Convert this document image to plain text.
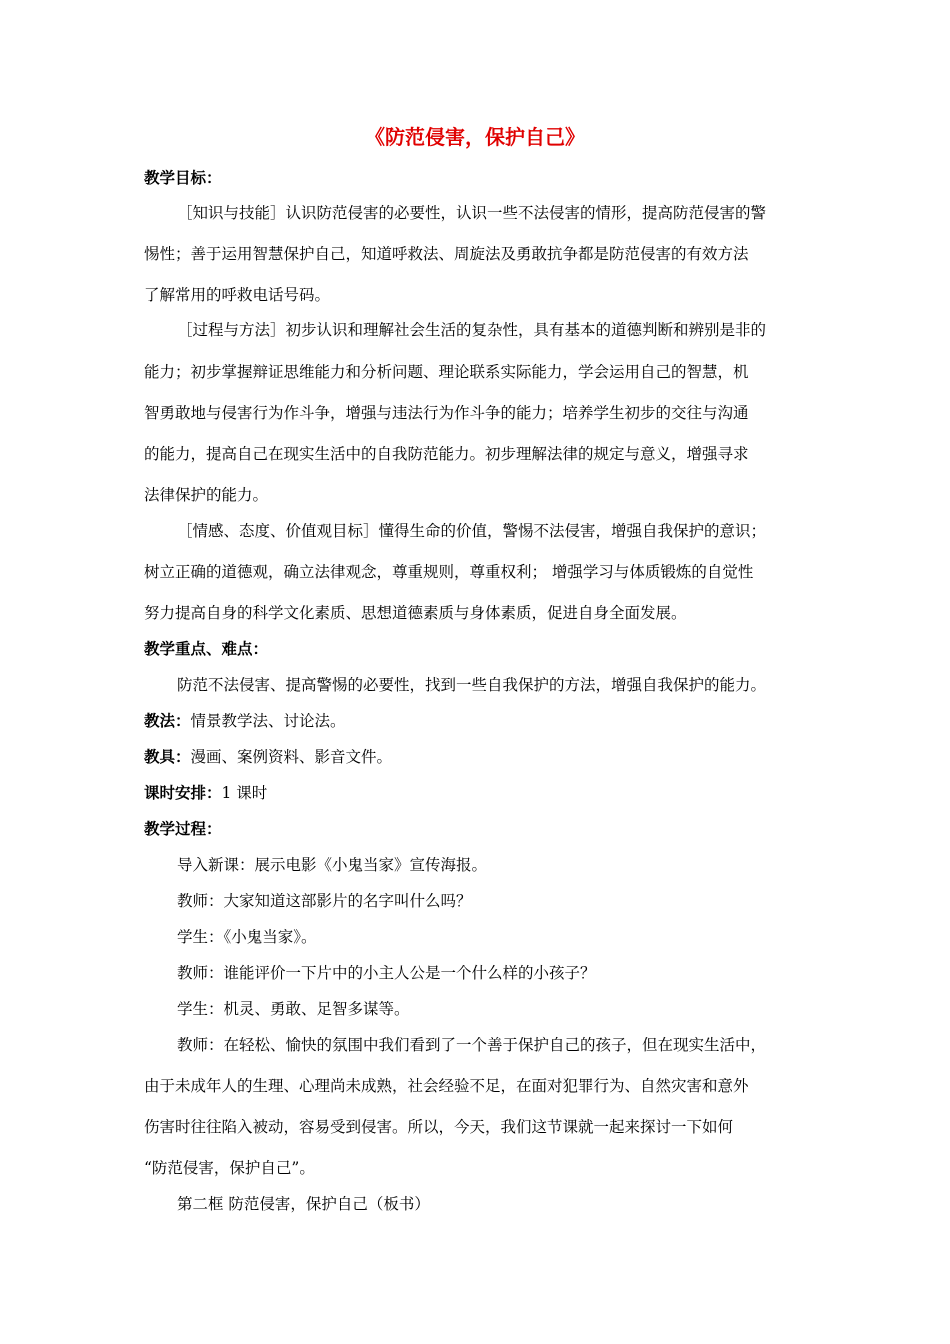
《防范侵害，保护自己》
教学目标：
［知识与技能］认识防范侵害的必要性，认识一些不法侵害的情形，提高防范侵害的警
惕性；善于运用智慧保护自己，知道呼救法、周旋法及勇敢抗争都是防范侵害的有效方法
了解常用的呼救电话号码。
［过程与方法］初步认识和理解社会生活的复杂性，具有基本的道德判断和辨别是非的
能力；初步掌握辩证思维能力和分析问题、理论联系实际能力，学会运用自己的智慧，机
智勇敢地与侵害行为作斗争，增强与违法行为作斗争的能力；培养学生初步的交往与沟通
的能力，提高自己在现实生活中的自我防范能力。初步理解法律的规定与意义，增强寻求
法律保护的能力。
［情感、态度、价值观目标］懂得生命的价值，警惕不法侵害，增强自我保护的意识；
树立正确的道德观，确立法律观念，尊重规则，尊重权利； 增强学习与体质锻炼的自觉性
努力提高自身的科学文化素质、思想道德素质与身体素质，促进自身全面发展。
教学重点、难点：
防范不法侵害、提高警惕的必要性，找到一些自我保护的方法，增强自我保护的能力。
教法：情景教学法、讨论法。
教具：漫画、案例资料、影音文件。
课时安排：1 课时
教学过程：
导入新课：展示电影《小鬼当家》宣传海报。
教师：大家知道这部影片的名字叫什么吗？
学生：《小鬼当家》。
教师：谁能评价一下片中的小主人公是一个什么样的小孩子？
学生：机灵、勇敢、足智多谋等。
教师：在轻松、愉快的氛围中我们看到了一个善于保护自己的孩子，但在现实生活中，
由于未成年人的生理、心理尚未成熟，社会经验不足，在面对犯罪行为、自然灾害和意外
伤害时往往陷入被动，容易受到侵害。所以，今天，我们这节课就一起来探讨一下如何
“防范侵害，保护自己”。
第二框 防范侵害，保护自己（板书）
